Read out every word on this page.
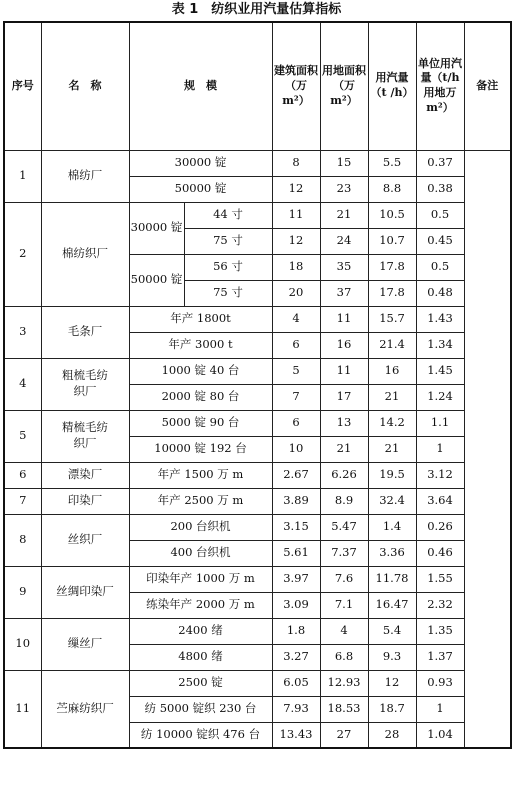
表 1　纺织业用汽量估算指标
序号	名　称	规　模		建筑面积（万 m²）	用地面积（万 m²）	用汽量（t /h）	单位用汽量（t/h用地万 m²）	备注
1	棉纺厂	30000 锭		8	15	5.5	0.37	
		50000 锭		12	23	8.8	0.38	
2	棉纺织厂	30000 锭	44 寸	11	21	10.5	0.5	
			75 寸	12	24	10.7	0.45	
		50000 锭	56 寸	18	35	17.8	0.5	
			75 寸	20	37	17.8	0.48	
3	毛条厂	年产 1800t		4	11	15.7	1.43	
		年产 3000 t		6	16	21.4	1.34	
4	粗梳毛纺织厂	1000 锭 40 台		5	11	16	1.45	
		2000 锭 80 台		7	17	21	1.24	
5	精梳毛纺织厂	5000 锭 90 台		6	13	14.2	1.1	
		10000 锭 192 台		10	21	21	1	
6	漂染厂	年产 1500 万 m		2.67	6.26	19.5	3.12	
7	印染厂	年产 2500 万 m		3.89	8.9	32.4	3.64	
8	丝织厂	200 台织机		3.15	5.47	1.4	0.26	
		400 台织机		5.61	7.37	3.36	0.46	
9	丝绸印染厂	印染年产 1000 万 m		3.97	7.6	11.78	1.55	
		练染年产 2000 万 m		3.09	7.1	16.47	2.32	
10	缫丝厂	2400 绪		1.8	4	5.4	1.35	
		4800 绪		3.27	6.8	9.3	1.37	
11	苎麻纺织厂	2500 锭		6.05	12.93	12	0.93	
		纺 5000 锭织 230 台		7.93	18.53	18.7	1	
		纺 10000 锭织 476 台		13.43	27	28	1.04	
